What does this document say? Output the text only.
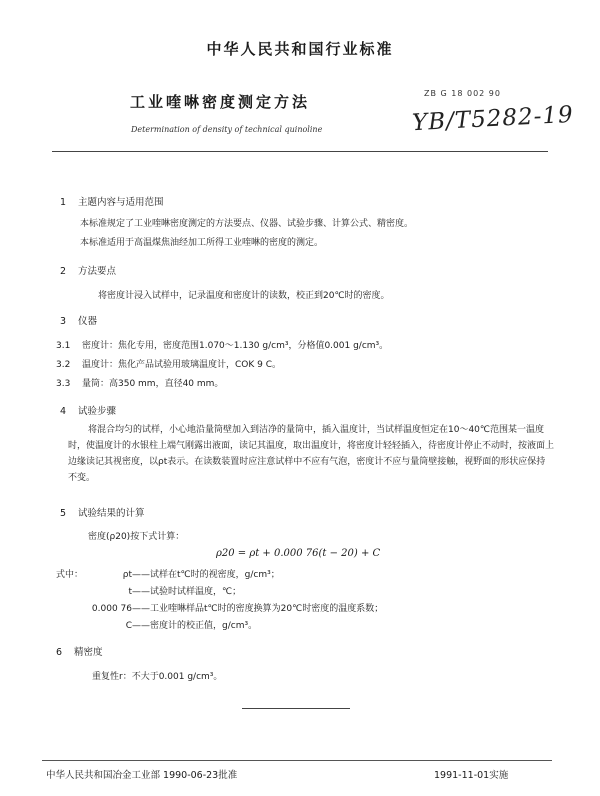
中华人民共和国行业标准
工业喹啉密度测定方法	ZB G 18 002 90
YB/T5282-19
Determination of density of technical quinoline
1 主题内容与适用范围
本标准规定了工业喹啉密度测定的方法要点、仪器、试验步骤、计算公式、精密度。
本标准适用于高温煤焦油经加工所得工业喹啉的密度的测定。
2 方法要点
将密度计浸入试样中，记录温度和密度计的读数，校正到20℃时的密度。
3 仪器
3.1 密度计：焦化专用，密度范围1.070～1.130 g/cm³，分格值0.001 g/cm³。
3.2 温度计：焦化产品试验用玻璃温度计，COK 9 C。
3.3 量筒：高350 mm，直径40 mm。
4 试验步骤
将混合均匀的试样，小心地沿量筒壁加入到洁净的量筒中，插入温度计，当试样温度恒定在10～40℃范围某一温度时，使温度计的水银柱上端气刚露出液面，读记其温度，取出温度计，将密度计轻轻插入，待密度计停止不动时，按液面上边缘读记其视密度，以ρt表示。在读数装置时应注意试样中不应有气泡，密度计不应与量筒壁接触，视野面的形状应保持不变。
5 试验结果的计算
密度(ρ20)按下式计算：
ρ20 = ρt + 0.000 76(t − 20) + C
式中：	ρt——试样在t℃时的视密度，g/cm³；
t——试验时试样温度，℃；
0.000 76——工业喹啉样品t℃时的密度换算为20℃时密度的温度系数；
C——密度计的校正值，g/cm³。
6 精密度
重复性r：不大于0.001 g/cm³。
中华人民共和国冶金工业部 1990-06-23批准	1991-11-01实施
